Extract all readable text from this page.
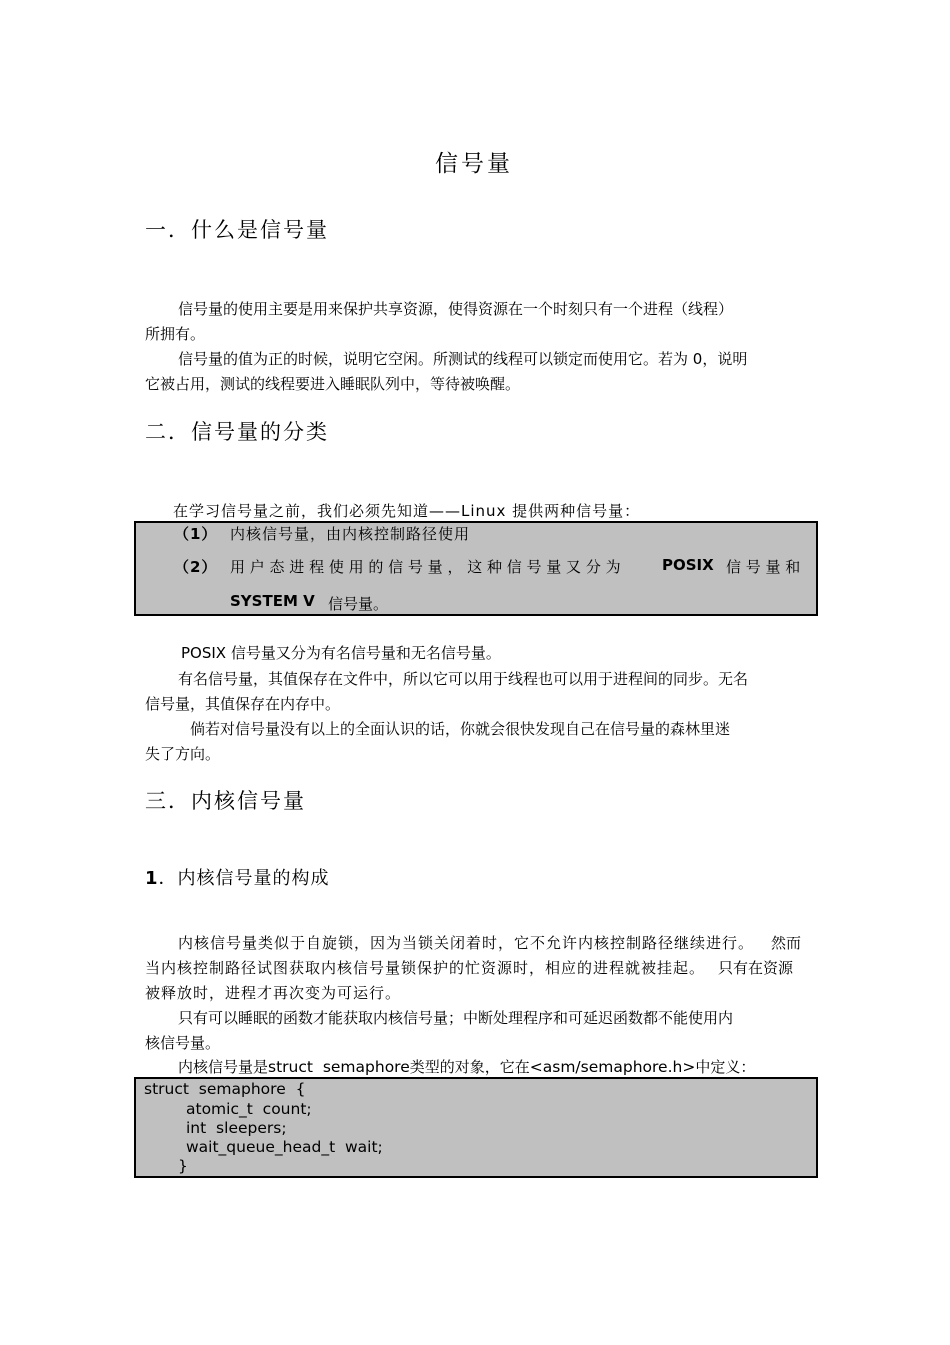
信号量
一．什么是信号量
信号量的使用主要是用来保护共享资源，使得资源在一个时刻只有一个进程（线程）
所拥有。
信号量的值为正的时候，说明它空闲。所测试的线程可以锁定而使用它。若为 0，说明
它被占用，测试的线程要进入睡眠队列中，等待被唤醒。
二．信号量的分类
在学习信号量之前，我们必须先知道——Linux 提供两种信号量：
（1） 内核信号量，由内核控制路径使用
（2） 用 户 态 进 程 使 用 的 信 号 量 ， 这 种 信 号 量 又 分 为	POSIX 信 号 量 和
SYSTEM V 信号量。
POSIX 信号量又分为有名信号量和无名信号量。
有名信号量，其值保存在文件中，所以它可以用于线程也可以用于进程间的同步。无名
信号量，其值保存在内存中。
倘若对信号量没有以上的全面认识的话，你就会很快发现自己在信号量的森林里迷
失了方向。
三．内核信号量
1．内核信号量的构成
内核信号量类似于自旋锁，因为当锁关闭着时，它不允许内核控制路径继续进行。 然而
当内核控制路径试图获取内核信号量锁保护的忙资源时，相应的进程就被挂起。 只有在资源
被释放时，进程才再次变为可运行。
只有可以睡眠的函数才能获取内核信号量；中断处理程序和可延迟函数都不能使用内
核信号量。
内核信号量是struct  semaphore类型的对象，它在<asm/semaphore.h>中定义：
struct  semaphore  {
atomic_t  count;
int  sleepers;
wait_queue_head_t  wait;
}
